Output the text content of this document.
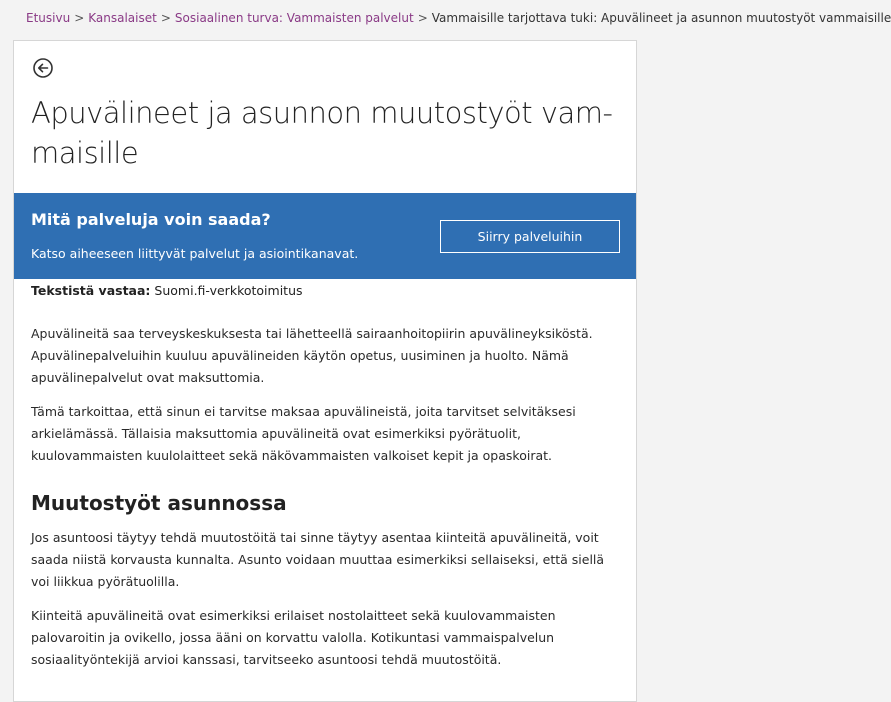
Etusivu > Kansalaiset > Sosiaalinen turva: Vammaisten palvelut > Vammaisille tarjottava tuki: Apuvälineet ja asunnon muutostyöt vammaisille
Apuvälineet ja asunnon muutostyöt vam-maisille
Mitä palveluja voin saada?

Katso aiheeseen liittyvät palvelut ja asiointikanavat.

Siirry palveluihin

Tekstistä vastaa: Suomi.fi-verkkotoimitus

Apuvälineitä saa terveyskeskuksesta tai lähetteellä sairaanhoitopiirin apuvälineyksiköstä. Apuvälinepalveluihin kuuluu apuvälineiden käytön opetus, uusiminen ja huolto. Nämä apuvälinepalvelut ovat maksuttomia.

Tämä tarkoittaa, että sinun ei tarvitse maksaa apuvälineistä, joita tarvitset selvitäksesi arkielämässä. Tällaisia maksuttomia apuvälineitä ovat esimerkiksi pyörätuolit, kuulovammaisten kuulolaitteet sekä näkövammaisten valkoiset kepit ja opaskoirat.

Muutostyöt asunnossa

Jos asuntoosi täytyy tehdä muutostöitä tai sinne täytyy asentaa kiinteitä apuvälineitä, voit saada niistä korvausta kunnalta. Asunto voidaan muuttaa esimerkiksi sellaiseksi, että siellä voi liikkua pyörätuolilla.

Kiinteitä apuvälineitä ovat esimerkiksi erilaiset nostolaitteet sekä kuulovammaisten palovaroitin ja ovikello, jossa ääni on korvattu valolla. Kotikuntasi vammaispalvelun sosiaalityöntekijä arvioi kanssasi, tarvitseeko asuntoosi tehdä muutostöitä.
